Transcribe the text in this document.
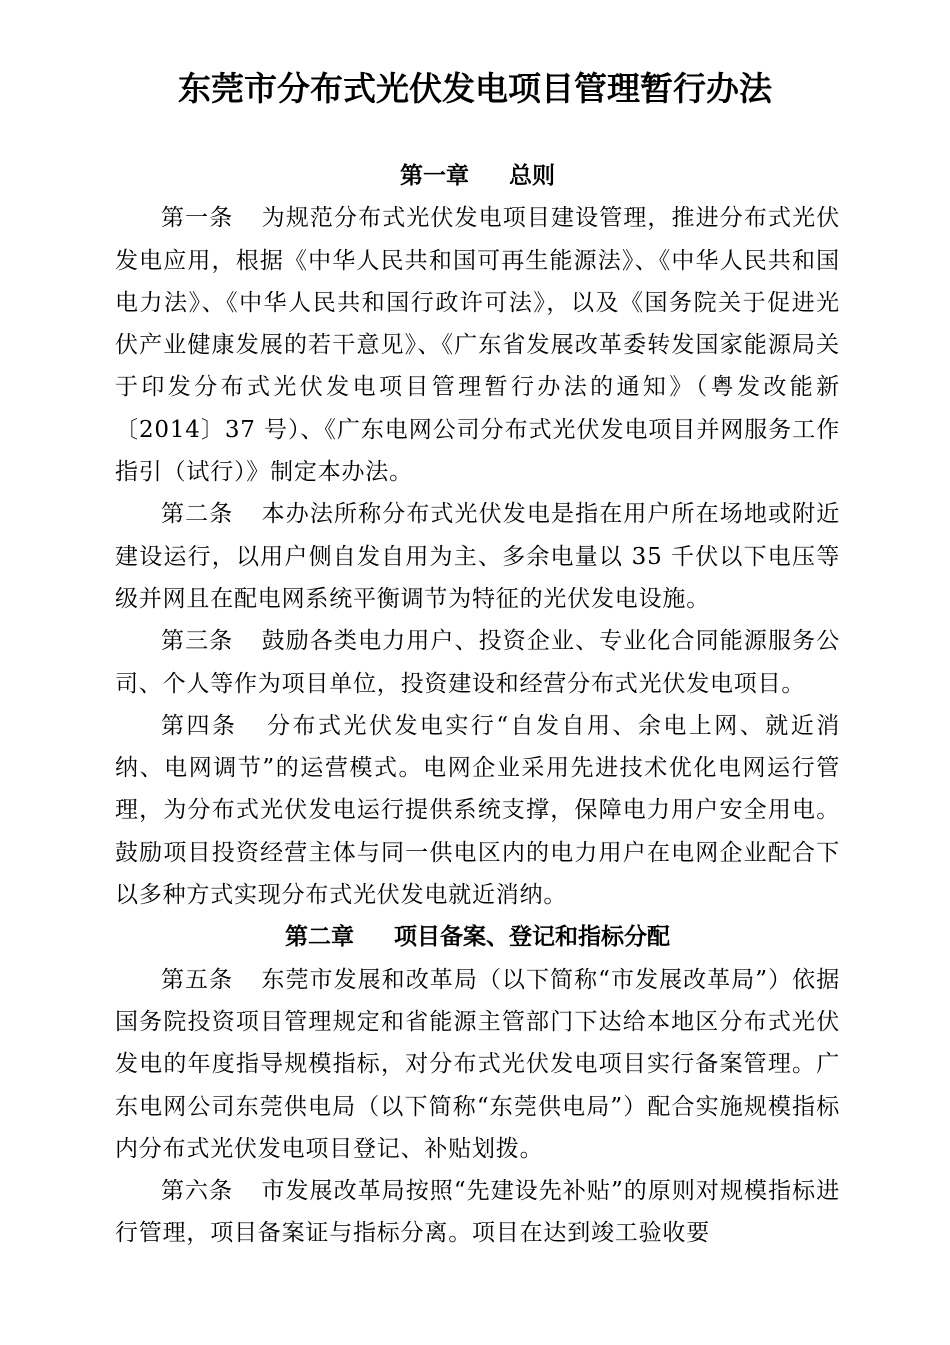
东莞市分布式光伏发电项目管理暂行办法
第一章 总则

第一条 为规范分布式光伏发电项目建设管理，推进分布式光伏发电应用，根据《中华人民共和国可再生能源法》、《中华人民共和国电力法》、《中华人民共和国行政许可法》，以及《国务院关于促进光伏产业健康发展的若干意见》、《广东省发展改革委转发国家能源局关于印发分布式光伏发电项目管理暂行办法的通知》（粤发改能新〔2014〕37 号）、《广东电网公司分布式光伏发电项目并网服务工作指引（试行）》制定本办法。

第二条 本办法所称分布式光伏发电是指在用户所在场地或附近建设运行，以用户侧自发自用为主、多余电量以 35 千伏以下电压等级并网且在配电网系统平衡调节为特征的光伏发电设施。

第三条 鼓励各类电力用户、投资企业、专业化合同能源服务公司、个人等作为项目单位，投资建设和经营分布式光伏发电项目。

第四条 分布式光伏发电实行“自发自用、余电上网、就近消纳、电网调节”的运营模式。电网企业采用先进技术优化电网运行管理，为分布式光伏发电运行提供系统支撑，保障电力用户安全用电。鼓励项目投资经营主体与同一供电区内的电力用户在电网企业配合下以多种方式实现分布式光伏发电就近消纳。

第二章 项目备案、登记和指标分配

第五条 东莞市发展和改革局（以下简称“市发展改革局”）依据国务院投资项目管理规定和省能源主管部门下达给本地区分布式光伏发电的年度指导规模指标，对分布式光伏发电项目实行备案管理。广东电网公司东莞供电局（以下简称“东莞供电局”）配合实施规模指标内分布式光伏发电项目登记、补贴划拨。

第六条 市发展改革局按照“先建设先补贴”的原则对规模指标进行管理，项目备案证与指标分离。项目在达到竣工验收要
